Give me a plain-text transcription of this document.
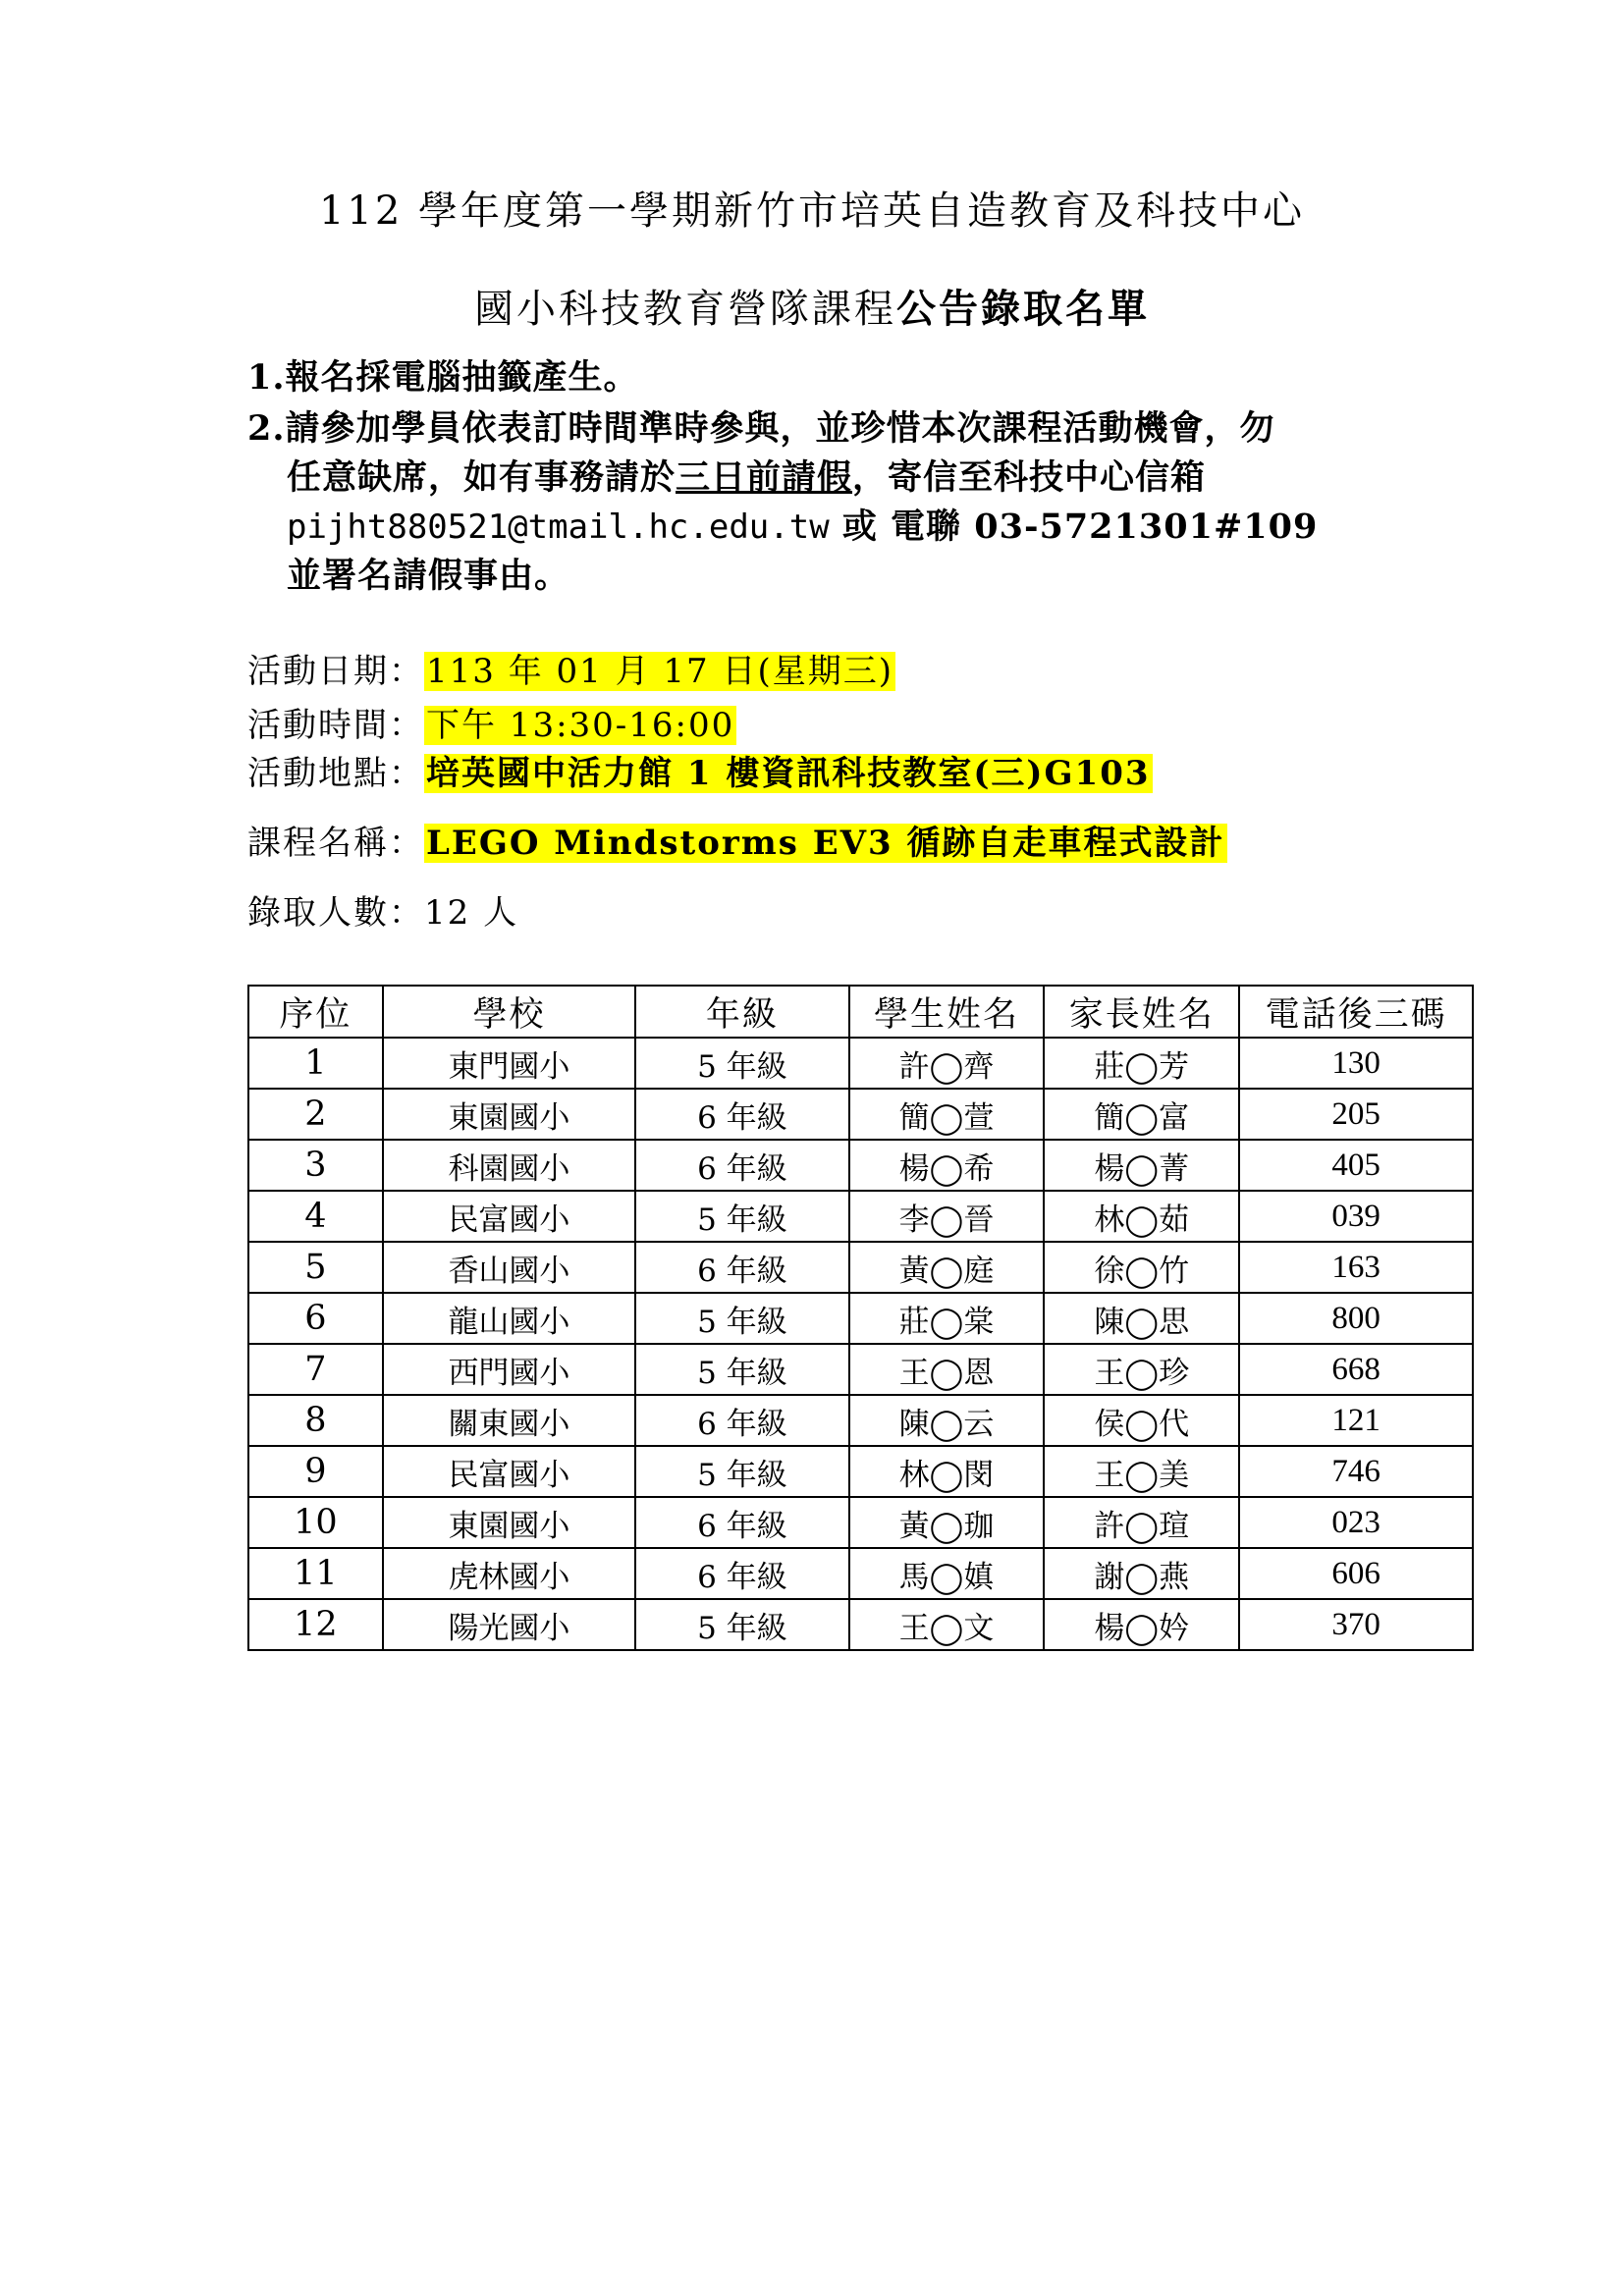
112 學年度第一學期新竹市培英自造教育及科技中心
國小科技教育營隊課程公告錄取名單
1.報名採電腦抽籤產生。
2.請參加學員依表訂時間準時參與，並珍惜本次課程活動機會，勿
任意缺席，如有事務請於三日前請假，寄信至科技中心信箱
pijht880521@tmail.hc.edu.tw 或 電聯 03-5721301#109
並署名請假事由。
活動日期：113 年 01 月 17 日(星期三)
活動時間：下午 13:30-16:00
活動地點：培英國中活力館 1 樓資訊科技教室(三)G103
課程名稱：LEGO Mindstorms EV3 循跡自走車程式設計
錄取人數：12 人
序位	學校	年級	學生姓名	家長姓名	電話後三碼
1	東門國小	5 年級	許◯齊	莊◯芳	130
2	東園國小	6 年級	簡◯萱	簡◯富	205
3	科園國小	6 年級	楊◯希	楊◯菁	405
4	民富國小	5 年級	李◯晉	林◯茹	039
5	香山國小	6 年級	黃◯庭	徐◯竹	163
6	龍山國小	5 年級	莊◯棠	陳◯思	800
7	西門國小	5 年級	王◯恩	王◯珍	668
8	關東國小	6 年級	陳◯云	侯◯代	121
9	民富國小	5 年級	林◯閔	王◯美	746
10	東園國小	6 年級	黃◯珈	許◯瑄	023
11	虎林國小	6 年級	馬◯嫃	謝◯燕	606
12	陽光國小	5 年級	王◯文	楊◯妗	370
